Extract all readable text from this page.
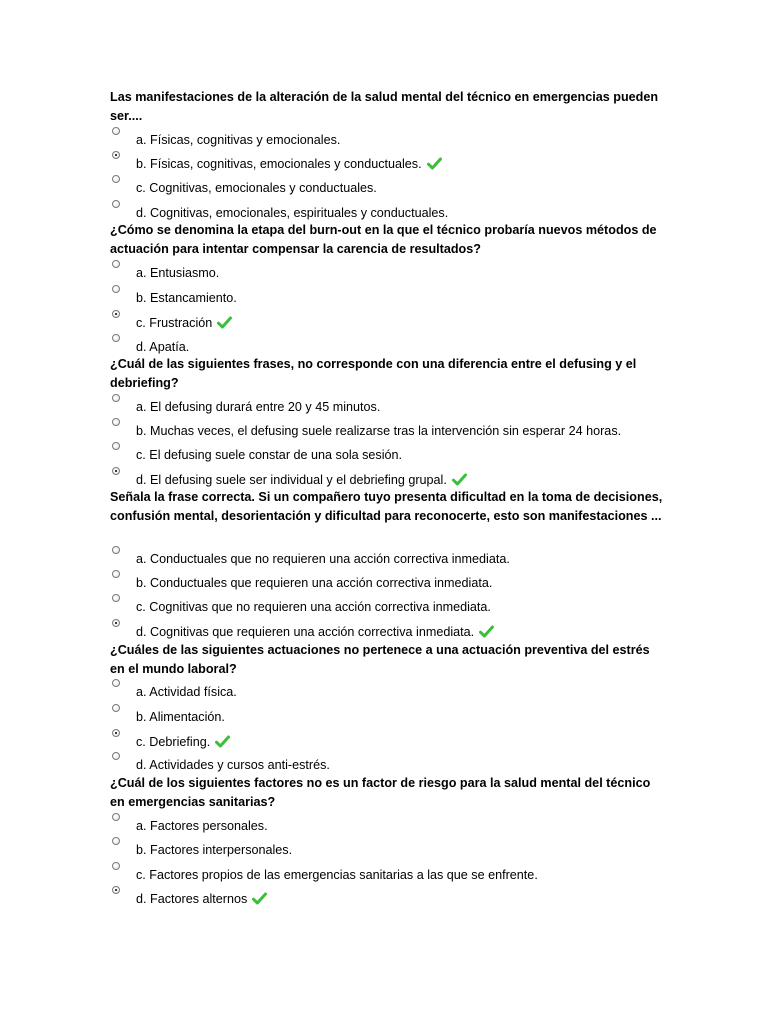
Las manifestaciones de la alteración de la salud mental del técnico en emergencias pueden ser....
a. Físicas, cognitivas y emocionales.
b. Físicas, cognitivas, emocionales y conductuales.
c. Cognitivas, emocionales y conductuales.
d. Cognitivas, emocionales, espirituales y conductuales.
¿Cómo se denomina la etapa del burn-out en la que el técnico probaría nuevos métodos de actuación para intentar compensar la carencia de resultados?
a. Entusiasmo.
b. Estancamiento.
c. Frustración
d. Apatía.
¿Cuál de las siguientes frases, no corresponde con una diferencia entre el defusing y el debriefing?
a. El defusing durará entre 20 y 45 minutos.
b. Muchas veces, el defusing suele realizarse tras la intervención sin esperar 24 horas.
c. El defusing suele constar de una sola sesión.
d. El defusing suele ser individual y el debriefing grupal.
Señala la frase correcta. Si un compañero tuyo presenta dificultad en la toma de decisiones, confusión mental, desorientación y dificultad para reconocerte, esto son manifestaciones ...
a. Conductuales que no requieren una acción correctiva inmediata.
b. Conductuales que requieren una acción correctiva inmediata.
c. Cognitivas que no requieren una acción correctiva inmediata.
d. Cognitivas que requieren una acción correctiva inmediata.
¿Cuáles de las siguientes actuaciones no pertenece a una actuación preventiva del estrés en el mundo laboral?
a. Actividad física.
b. Alimentación.
c. Debriefing.
d. Actividades y cursos anti-estrés.
¿Cuál de los siguientes factores no es un factor de riesgo para la salud mental del técnico en emergencias sanitarias?
a. Factores personales.
b. Factores interpersonales.
c. Factores propios de las emergencias sanitarias a las que se enfrente.
d. Factores alternos
